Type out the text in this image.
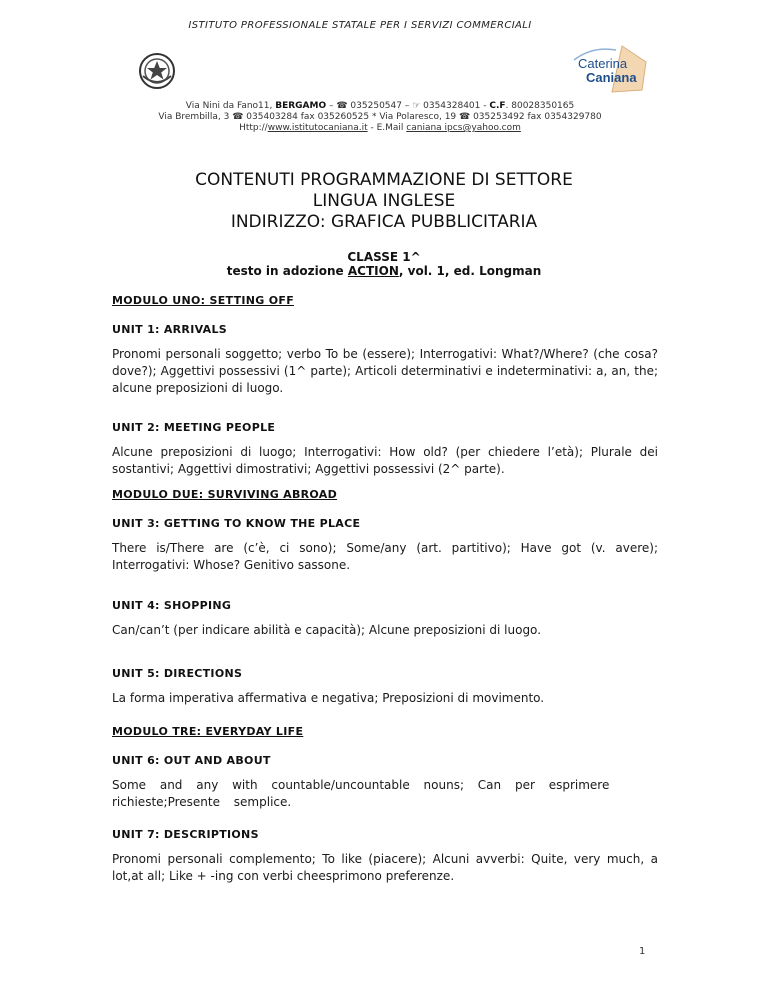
ISTITUTO PROFESSIONALE STATALE PER I SERVIZI COMMERCIALI
Caterina
Caniana
Via Nini da Fano11, BERGAMO – ☎ 035250547 – ☞ 0354328401 - C.F. 80028350165
Via Brembilla, 3 ☎ 035403284 fax 035260525 * Via Polaresco, 19 ☎ 035253492 fax 0354329780
Http://www.istitutocaniana.it - E.Mail caniana ipcs@yahoo.com
CONTENUTI PROGRAMMAZIONE DI SETTORE
LINGUA INGLESE
INDIRIZZO: GRAFICA PUBBLICITARIA
CLASSE 1^
testo in adozione ACTION, vol. 1, ed. Longman
MODULO UNO: SETTING OFF
UNIT 1: ARRIVALS
Pronomi personali soggetto; verbo To be (essere); Interrogativi: What?/Where? (che cosa? dove?); Aggettivi possessivi (1^ parte); Articoli determinativi e indeterminativi: a, an, the; alcune preposizioni di luogo.
UNIT 2: MEETING PEOPLE
Alcune preposizioni di luogo; Interrogativi: How old? (per chiedere l’età); Plurale dei sostantivi; Aggettivi dimostrativi; Aggettivi possessivi (2^ parte).
MODULO DUE: SURVIVING ABROAD
UNIT 3: GETTING TO KNOW THE PLACE
There is/There are (c’è, ci sono); Some/any (art. partitivo); Have got (v. avere); Interrogativi: Whose? Genitivo sassone.
UNIT 4: SHOPPING
Can/can’t (per indicare abilità e capacità); Alcune preposizioni di luogo.
UNIT 5: DIRECTIONS
La forma imperativa affermativa e negativa; Preposizioni di movimento.
MODULO TRE: EVERYDAY LIFE
UNIT 6: OUT AND ABOUT
Some and any with countable/uncountable nouns; Can per esprimere richieste;Presente semplice.
UNIT 7: DESCRIPTIONS
Pronomi personali complemento; To like (piacere); Alcuni avverbi: Quite, very much, a lot,at all; Like + -ing con verbi cheesprimono preferenze.
1
